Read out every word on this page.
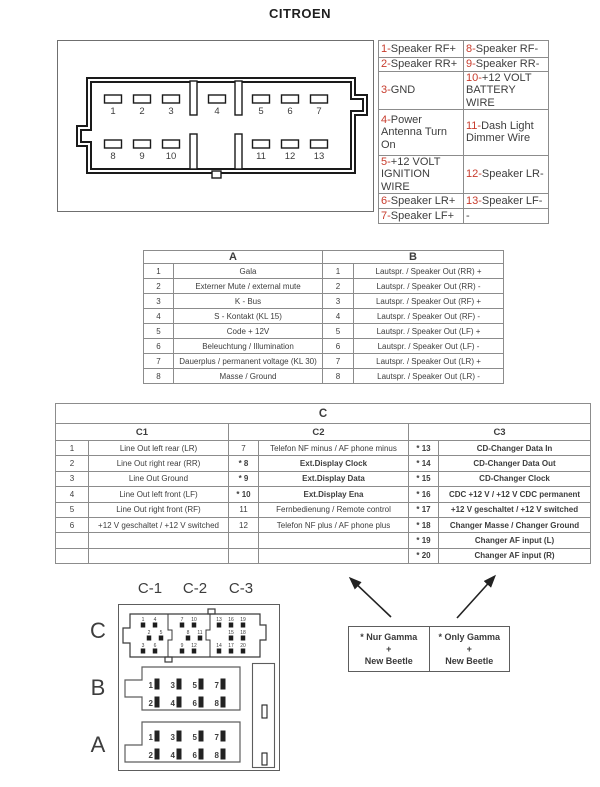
CITROEN
1 2 3	4	5 6 7
8 9 10	11 12 13
1-Speaker RF+	8-Speaker RF-
2-Speaker RR+	9-Speaker RR-
3-GND	10-+12 VOLT BATTERY WIRE
4-Power Antenna Turn On	11-Dash Light Dimmer Wire
5-+12 VOLT IGNITION WIRE	12-Speaker LR-
6-Speaker LR+	13-Speaker LF-
7-Speaker LF+	-
A		B	
1	Gala	1	Lautspr. / Speaker Out (RR) +
2	Externer Mute / external mute	2	Lautspr. / Speaker Out (RR) -
3	K - Bus	3	Lautspr. / Speaker Out (RF) +
4	S - Kontakt (KL 15)	4	Lautspr. / Speaker Out (RF) -
5	Code + 12V	5	Lautspr. / Speaker Out (LF) +
6	Beleuchtung / Illumination	6	Lautspr. / Speaker Out (LF) -
7	Dauerplus / permanent voltage (KL 30)	7	Lautspr. / Speaker Out (LR) +
8	Masse / Ground	8	Lautspr. / Speaker Out (LR) -
C					
C1		C2		C3	
1	Line Out left rear (LR)	7	Telefon NF minus / AF phone minus	* 13	CD-Changer Data In
2	Line Out right rear (RR)	* 8	Ext.Display Clock	* 14	CD-Changer Data Out
3	Line Out Ground	* 9	Ext.Display Data	* 15	CD-Changer Clock
4	Line Out left front (LF)	* 10	Ext.Display Ena	* 16	CDC +12 V / +12 V CDC permanent
5	Line Out right front (RF)	11	Fernbedienung / Remote control	* 17	+12 V geschaltet / +12 V switched
6	+12 V geschaltet / +12 V switched	12	Telefon NF plus / AF phone plus	* 18	Changer Masse / Changer Ground
				* 19	Changer AF input (L)
				* 20	Changer AF input (R)
C-1 C-2 C-3
C
B
A
1 4
2 5
3 6
7 10
8 11
9 12
13 16 19
15 18
14 17 20
1 3 5 7
2 4 6 8
1 3 5 7
2 4 6 8
* Nur Gamma
+
New Beetle
* Only Gamma
+
New Beetle
